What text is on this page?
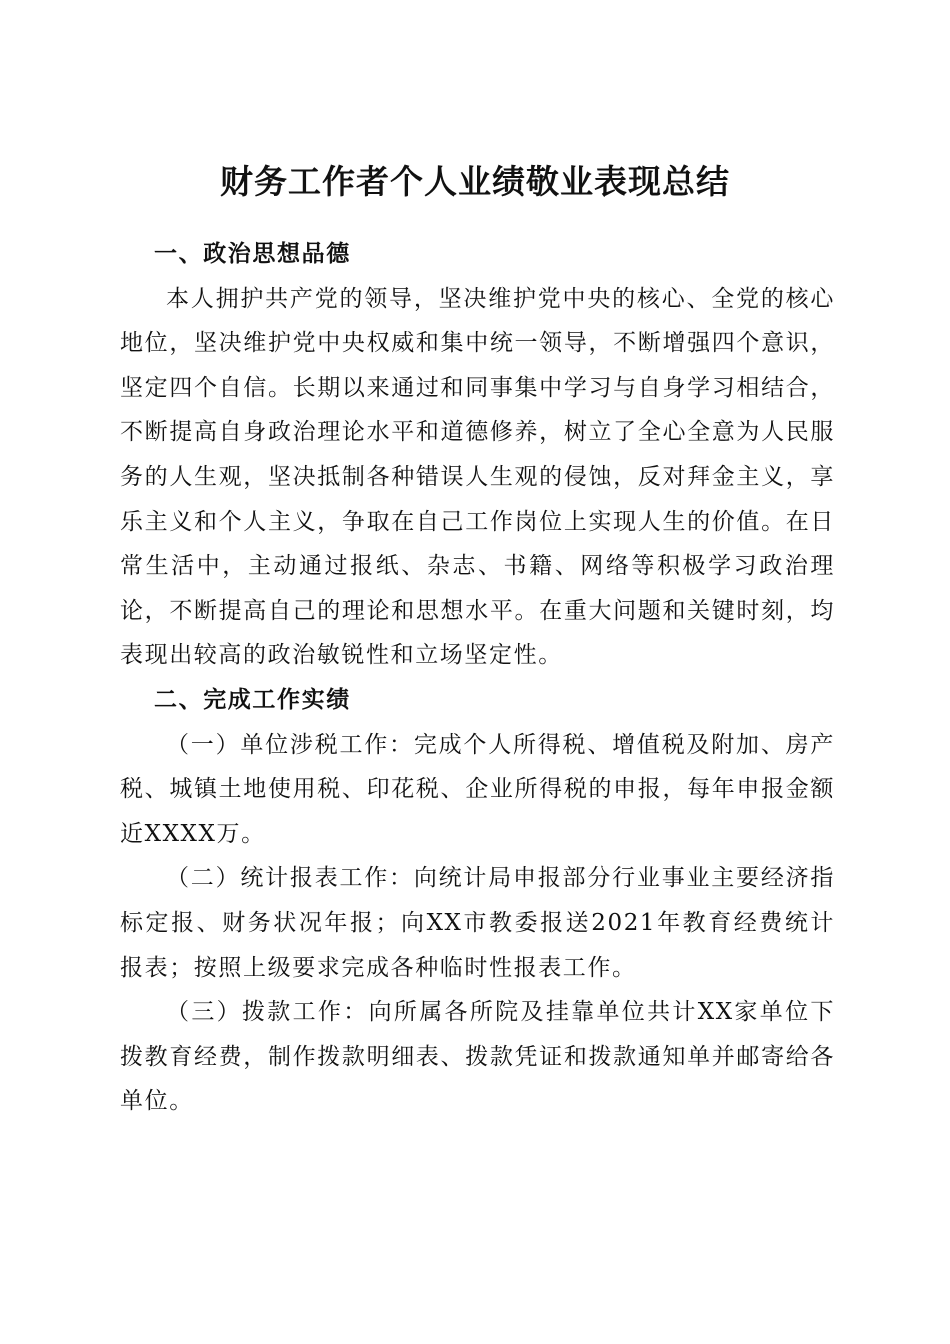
财务工作者个人业绩敬业表现总结

一、政治思想品德

本人拥护共产党的领导，坚决维护党中央的核心、全党的核心地位，坚决维护党中央权威和集中统一领导，不断增强四个意识，坚定四个自信。长期以来通过和同事集中学习与自身学习相结合，不断提高自身政治理论水平和道德修养，树立了全心全意为人民服务的人生观，坚决抵制各种错误人生观的侵蚀，反对拜金主义，享乐主义和个人主义，争取在自己工作岗位上实现人生的价值。在日常生活中，主动通过报纸、杂志、书籍、网络等积极学习政治理论，不断提高自己的理论和思想水平。在重大问题和关键时刻，均表现出较高的政治敏锐性和立场坚定性。

二、完成工作实绩

（一）单位涉税工作：完成个人所得税、增值税及附加、房产税、城镇土地使用税、印花税、企业所得税的申报，每年申报金额近XXXX万。

（二）统计报表工作：向统计局申报部分行业事业主要经济指标定报、财务状况年报；向XX市教委报送2021年教育经费统计报表；按照上级要求完成各种临时性报表工作。

（三）拨款工作：向所属各所院及挂靠单位共计XX家单位下拨教育经费，制作拨款明细表、拨款凭证和拨款通知单并邮寄给各单位。
